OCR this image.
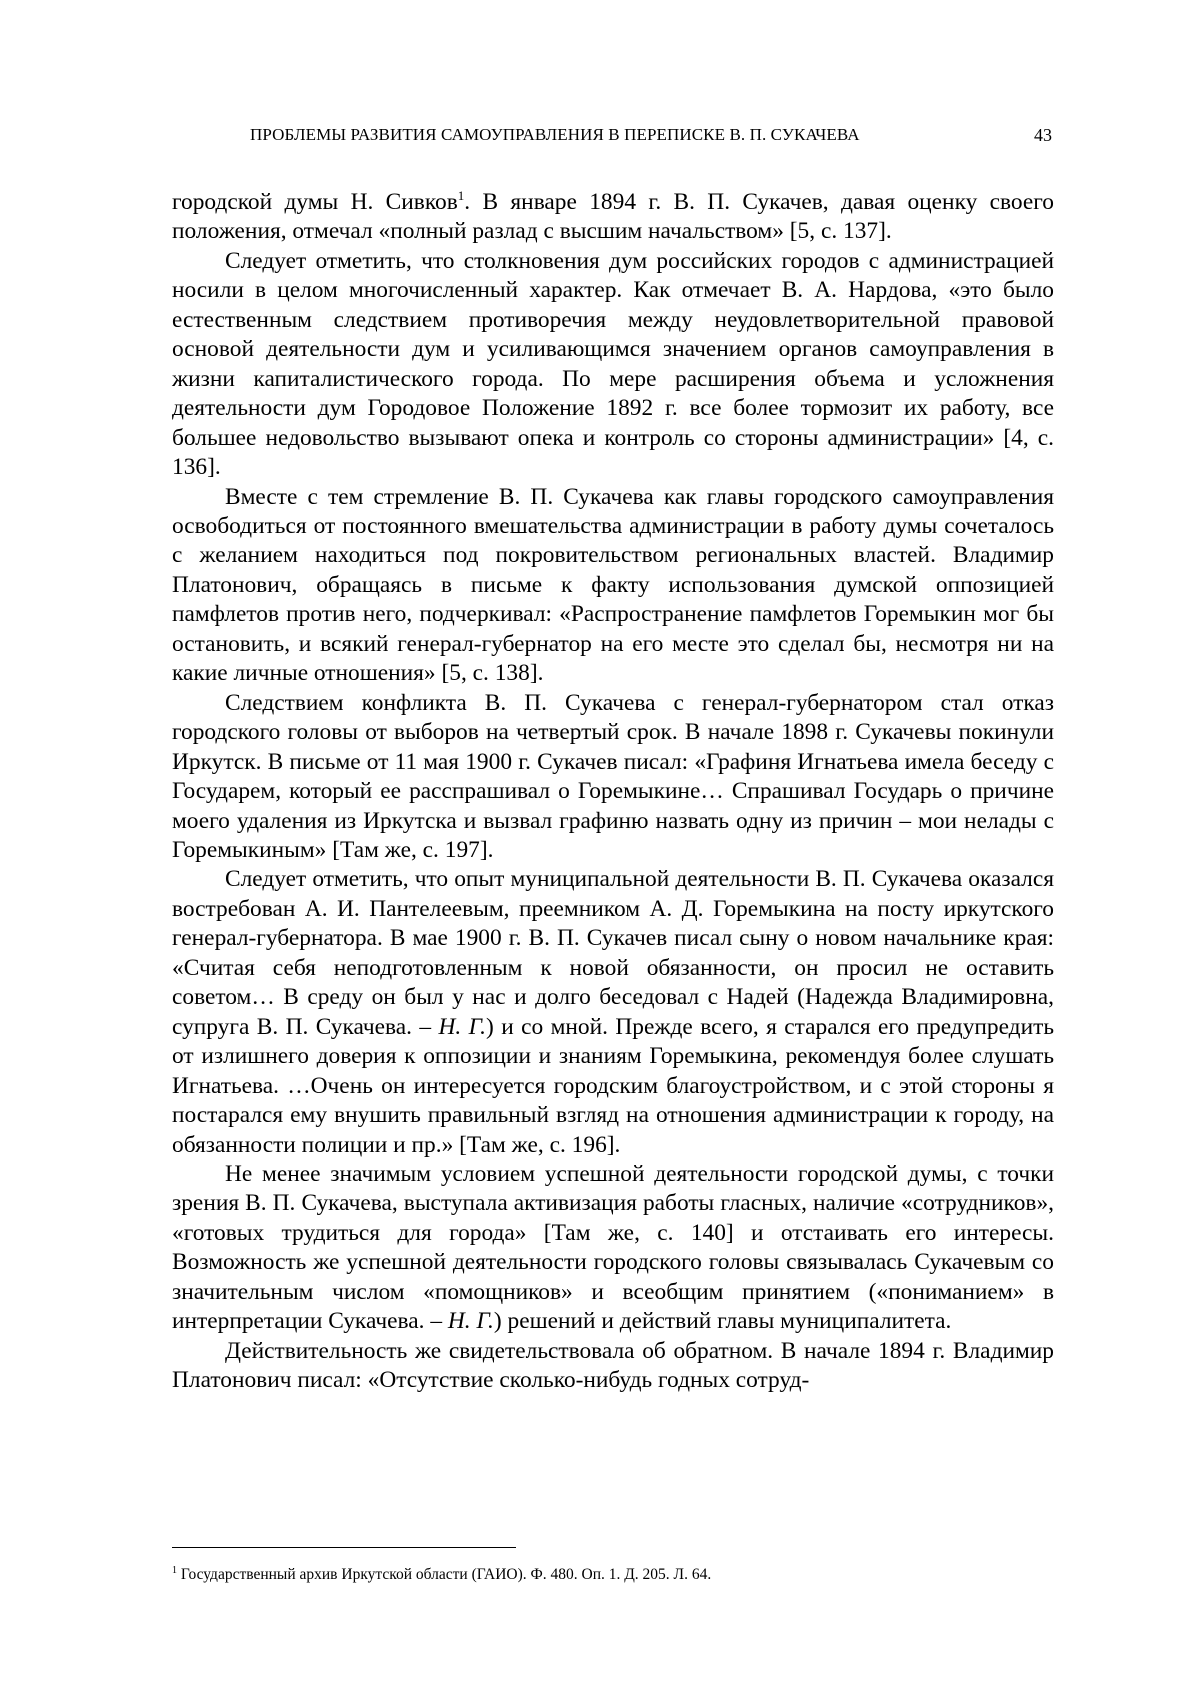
ПРОБЛЕМЫ РАЗВИТИЯ САМОУПРАВЛЕНИЯ В ПЕРЕПИСКЕ В. П. СУКАЧЕВА	43

городской думы Н. Сивков$^1$. В январе 1894 г. В. П. Сукачев, давая оценку своего положения, отмечал «полный разлад с высшим начальством» [5, с. 137].

Следует отметить, что столкновения дум российских городов с администрацией носили в целом многочисленный характер. Как отмечает В. А. Нардова, «это было естественным следствием противоречия между неудовлетворительной правовой основой деятельности дум и усиливающимся значением органов самоуправления в жизни капиталистического города. По мере расширения объема и усложнения деятельности дум Городовое Положение 1892 г. все более тормозит их работу, все большее недовольство вызывают опека и контроль со стороны администрации» [4, с. 136].

Вместе с тем стремление В. П. Сукачева как главы городского самоуправления освободиться от постоянного вмешательства администрации в работу думы сочеталось с желанием находиться под покровительством региональных властей. Владимир Платонович, обращаясь в письме к факту использования думской оппозицией памфлетов против него, подчеркивал: «Распространение памфлетов Горемыкин мог бы остановить, и всякий генерал-губернатор на его месте это сделал бы, несмотря ни на какие личные отношения» [5, с. 138].

Следствием конфликта В. П. Сукачева с генерал-губернатором стал отказ городского головы от выборов на четвертый срок. В начале 1898 г. Сукачевы покинули Иркутск. В письме от 11 мая 1900 г. Сукачев писал: «Графиня Игнатьева имела беседу с Государем, который ее расспрашивал о Горемыкине… Спрашивал Государь о причине моего удаления из Иркутска и вызвал графиню назвать одну из причин – мои нелады с Горемыкиным» [Там же, с. 197].

Следует отметить, что опыт муниципальной деятельности В. П. Сукачева оказался востребован А. И. Пантелеевым, преемником А. Д. Горемыкина на посту иркутского генерал-губернатора. В мае 1900 г. В. П. Сукачев писал сыну о новом начальнике края: «Считая себя неподготовленным к новой обязанности, он просил не оставить советом… В среду он был у нас и долго беседовал с Надей (Надежда Владимировна, супруга В. П. Сукачева. – Н. Г.) и со мной. Прежде всего, я старался его предупредить от излишнего доверия к оппозиции и знаниям Горемыкина, рекомендуя более слушать Игнатьева. …Очень он интересуется городским благоустройством, и с этой стороны я постарался ему внушить правильный взгляд на отношения администрации к городу, на обязанности полиции и пр.» [Там же, с. 196].

Не менее значимым условием успешной деятельности городской думы, с точки зрения В. П. Сукачева, выступала активизация работы гласных, наличие «сотрудников», «готовых трудиться для города» [Там же, с. 140] и отстаивать его интересы. Возможность же успешной деятельности городского головы связывалась Сукачевым со значительным числом «помощников» и всеобщим принятием («пониманием» в интерпретации Сукачева. – Н. Г.) решений и действий главы муниципалитета.

Действительность же свидетельствовала об обратном. В начале 1894 г. Владимир Платонович писал: «Отсутствие сколько-нибудь годных сотруд-

$^1$ Государственный архив Иркутской области (ГАИО). Ф. 480. Оп. 1. Д. 205. Л. 64.
